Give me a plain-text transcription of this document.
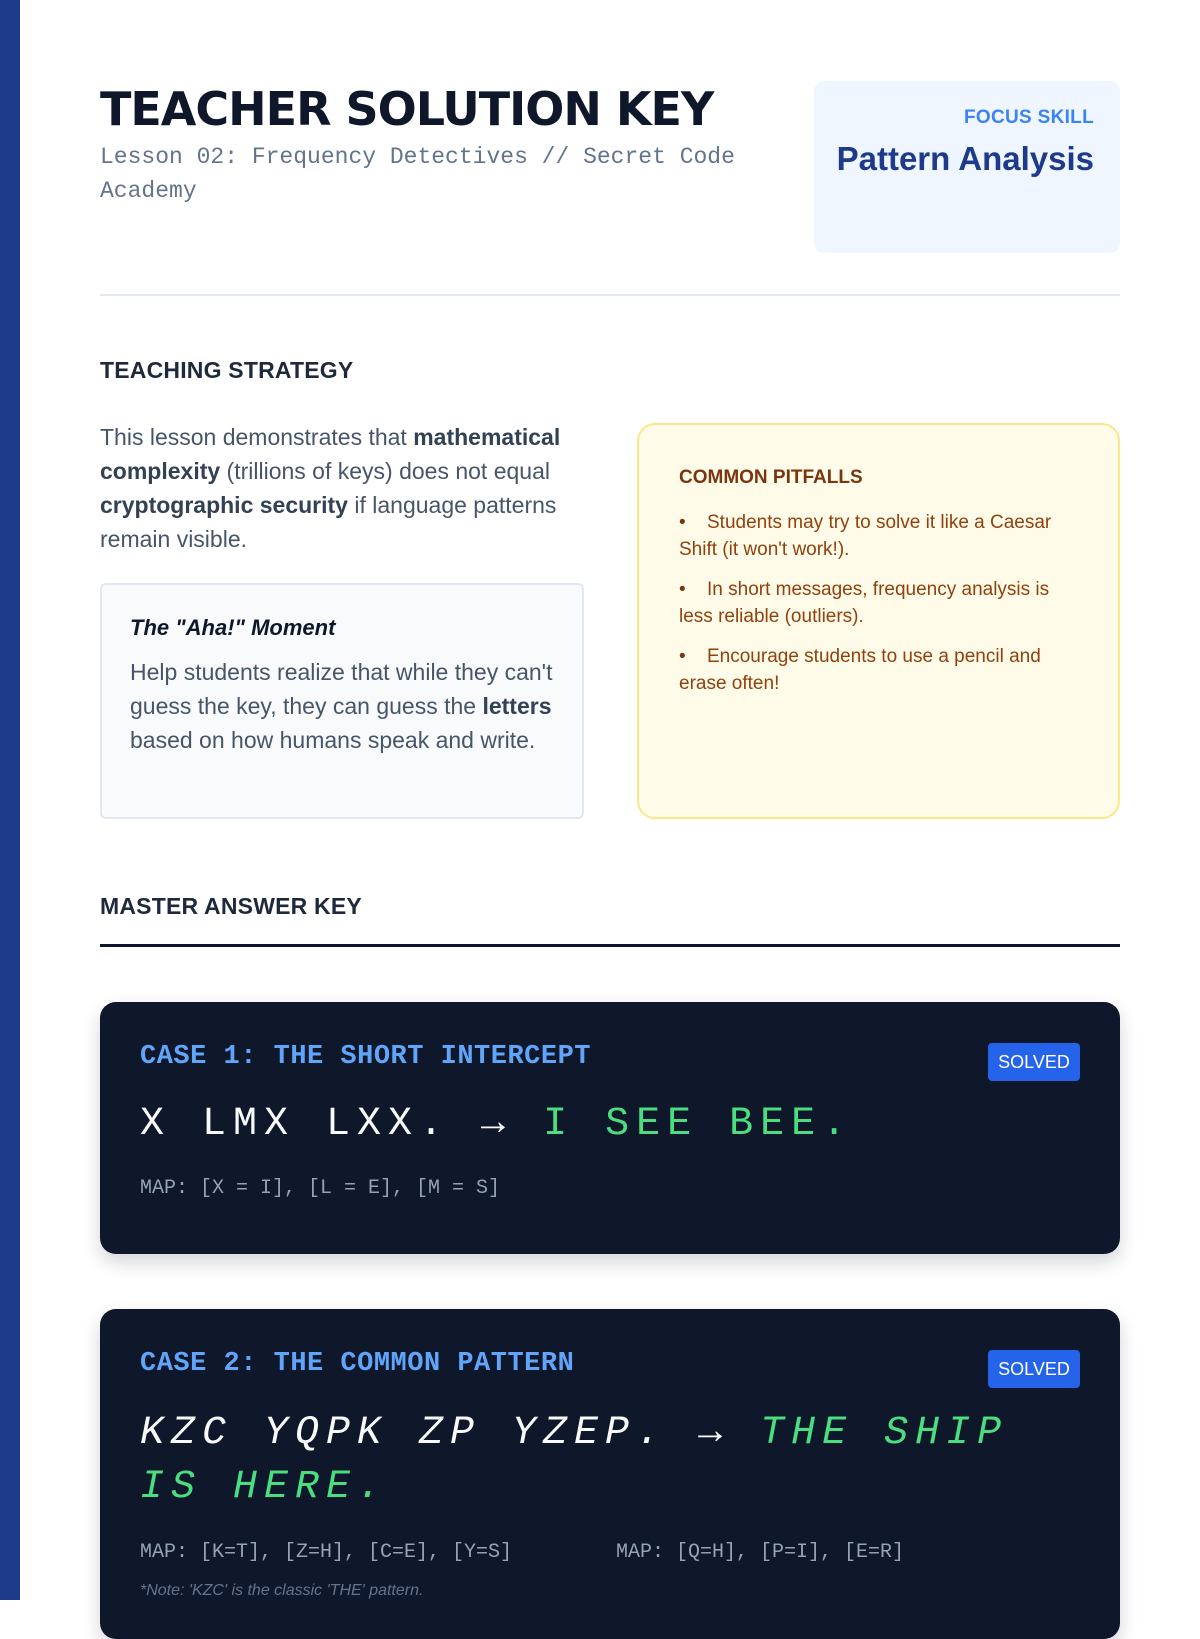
TEACHER SOLUTION KEY

Lesson 02: Frequency Detectives // Secret Code Academy

FOCUS SKILL
Pattern Analysis
TEACHING STRATEGY

This lesson demonstrates that mathematical complexity (trillions of keys) does not equal cryptographic security if language patterns remain visible.

The "Aha!" Moment

Help students realize that while they can't guess the key, they can guess the letters based on how humans speak and write.

COMMON PITFALLS

• Students may try to solve it like a Caesar Shift (it won't work!).
• In short messages, frequency analysis is less reliable (outliers).
• Encourage students to use a pencil and erase often!
MASTER ANSWER KEY

CASE 1: THE SHORT INTERCEPT	SOLVED

X LMX LXX. → I SEE BEE.

MAP: [X = I], [L = E], [M = S]

CASE 2: THE COMMON PATTERN	SOLVED

KZC YQPK ZP YZEP. → THE SHIP IS HERE.

MAP: [K=T], [Z=H], [C=E], [Y=S]	MAP: [Q=H], [P=I], [E=R]
*Note: 'KZC' is the classic 'THE' pattern.
